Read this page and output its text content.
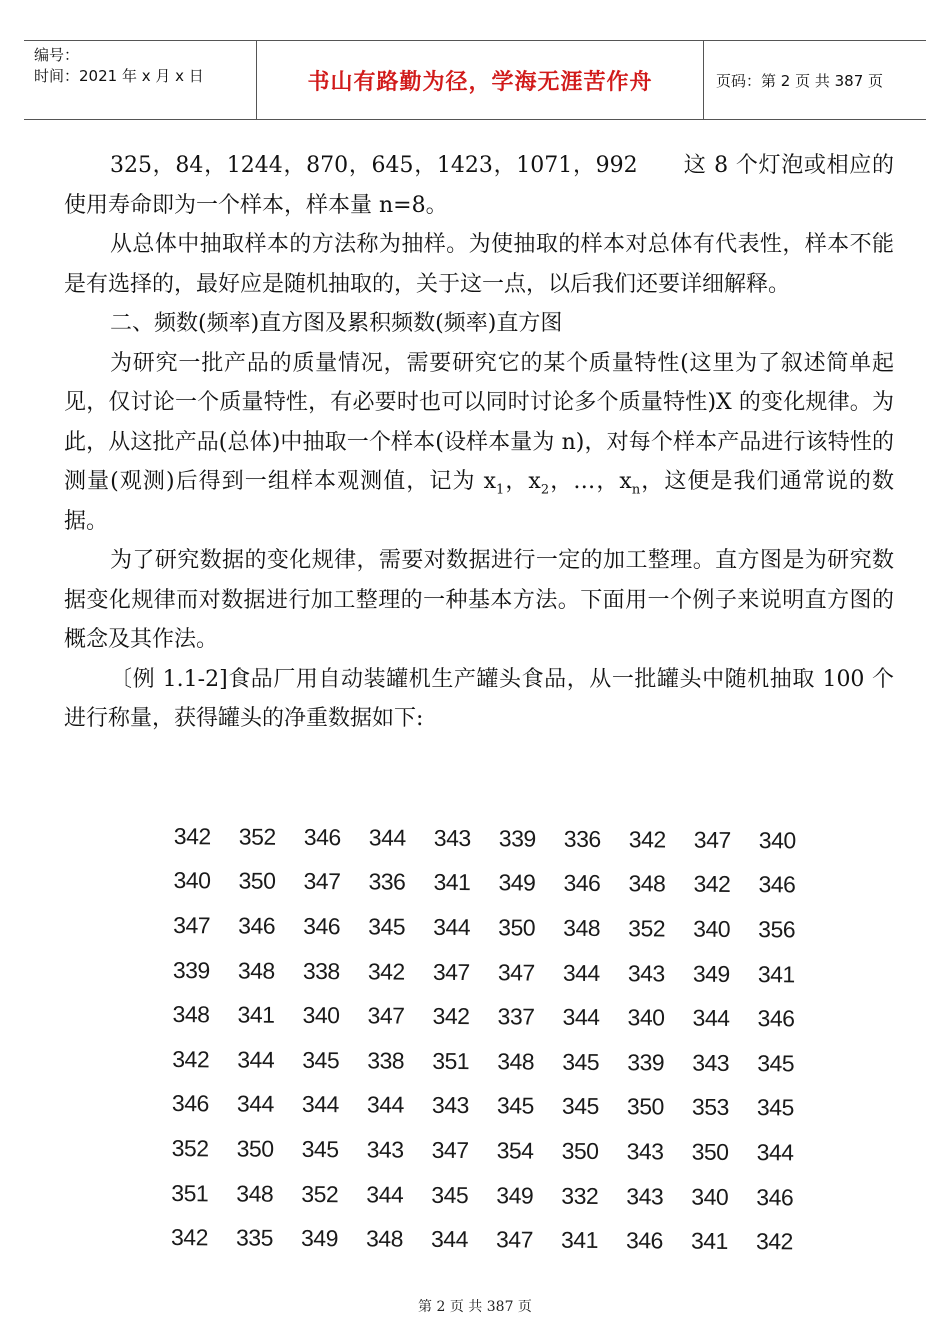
编号：
时间：2021 年 x 月 x 日	书山有路勤为径，学海无涯苦作舟	页码：第 2 页 共 387 页

325，84，1244，870，645，1423，1071，992　　这 8 个灯泡或相应的使用寿命即为一个样本，样本量 n=8。

从总体中抽取样本的方法称为抽样。为使抽取的样本对总体有代表性，样本不能是有选择的，最好应是随机抽取的，关于这一点，以后我们还要详细解释。

二、频数(频率)直方图及累积频数(频率)直方图

为研究一批产品的质量情况，需要研究它的某个质量特性(这里为了叙述简单起见，仅讨论一个质量特性，有必要时也可以同时讨论多个质量特性)X 的变化规律。为此，从这批产品(总体)中抽取一个样本(设样本量为 n)，对每个样本产品进行该特性的测量(观测)后得到一组样本观测值，记为 $x_1$，$x_2$，…，$x_n$，这便是我们通常说的数据。

为了研究数据的变化规律，需要对数据进行一定的加工整理。直方图是为研究数据变化规律而对数据进行加工整理的一种基本方法。下面用一个例子来说明直方图的概念及其作法。

〔例 1.1-2]食品厂用自动装罐机生产罐头食品，从一批罐头中随机抽取 100 个进行称量，获得罐头的净重数据如下:

342	352	346	344	343	339	336	342	347	340
340	350	347	336	341	349	346	348	342	346
347	346	346	345	344	350	348	352	340	356
339	348	338	342	347	347	344	343	349	341
348	341	340	347	342	337	344	340	344	346
342	344	345	338	351	348	345	339	343	345
346	344	344	344	343	345	345	350	353	345
352	350	345	343	347	354	350	343	350	344
351	348	352	344	345	349	332	343	340	346
342	335	349	348	344	347	341	346	341	342
第 2 页 共 387 页
